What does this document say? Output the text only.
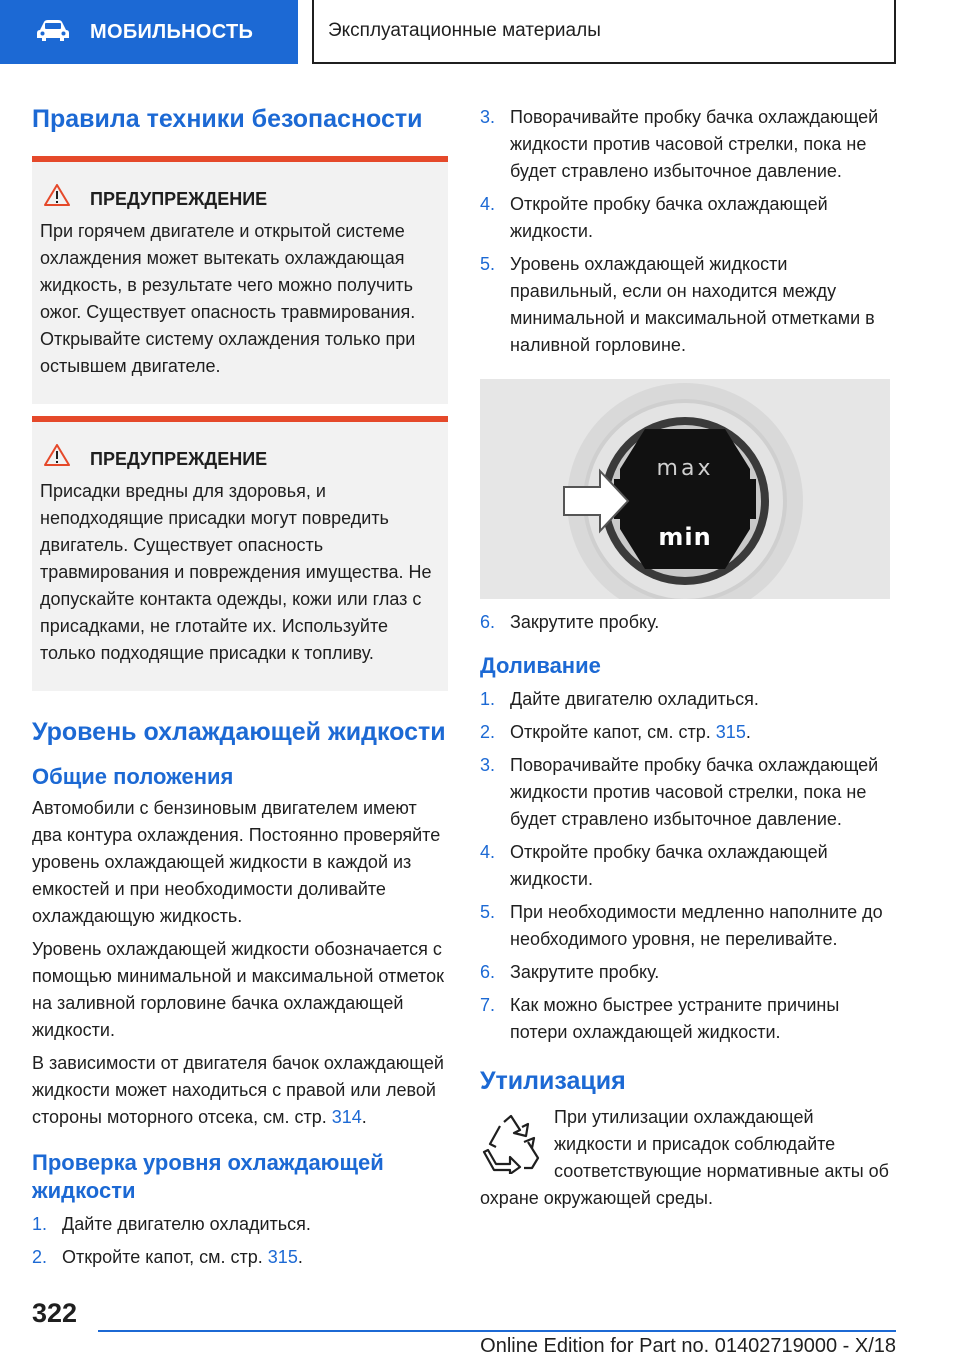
МОБИЛЬНОСТЬ	Эксплуатационные материалы
Правила техники безопасности
ПРЕДУПРЕЖДЕНИЕ

При горячем двигателе и открытой системе охлаждения может вытекать охлаждающая жидкость, в результате чего можно получить ожог. Существует опасность травмирования. Открывайте систему охлаждения только при остывшем двигателе.

ПРЕДУПРЕЖДЕНИЕ

Присадки вредны для здоровья, и неподходящие присадки могут повредить двигатель. Существует опасность травмирования и повреждения имущества. Не допускайте контакта одежды, кожи или глаз с присадками, не глотайте их. Используйте только подходящие присадки к топливу.

Уровень охлаждающей жидкости
Общие положения

Автомобили с бензиновым двигателем имеют два контура охлаждения. Постоянно проверяйте уровень охлаждающей жидкости в каждой из емкостей и при необходимости доливайте охлаждающую жидкость.

Уровень охлаждающей жидкости обозначается с помощью минимальной и максимальной отметок на заливной горловине бачка охлаждающей жидкости.

В зависимости от двигателя бачок охлаждающей жидкости может находиться с правой или левой стороны моторного отсека, см. стр. 314.

Проверка уровня охлаждающей жидкости
1. Дайте двигателю охладиться.
2. Откройте капот, см. стр. 315.
3. Поворачивайте пробку бачка охлаждающей жидкости против часовой стрелки, пока не будет стравлено избыточное давление.
4. Откройте пробку бачка охлаждающей жидкости.
5. Уровень охлаждающей жидкости правильный, если он находится между минимальной и максимальной отметками в наливной горловине.
max
min
6. Закрутите пробку.
Доливание
1. Дайте двигателю охладиться.
2. Откройте капот, см. стр. 315.
3. Поворачивайте пробку бачка охлаждающей жидкости против часовой стрелки, пока не будет стравлено избыточное давление.
4. Откройте пробку бачка охлаждающей жидкости.
5. При необходимости медленно наполните до необходимого уровня, не переливайте.
6. Закрутите пробку.
7. Как можно быстрее устраните причины потери охлаждающей жидкости.
Утилизация

При утилизации охлаждающей жидкости и присадок соблюдайте соответствующие нормативные акты об охране окружающей среды.

322
Online Edition for Part no. 01402719000 - X/18
